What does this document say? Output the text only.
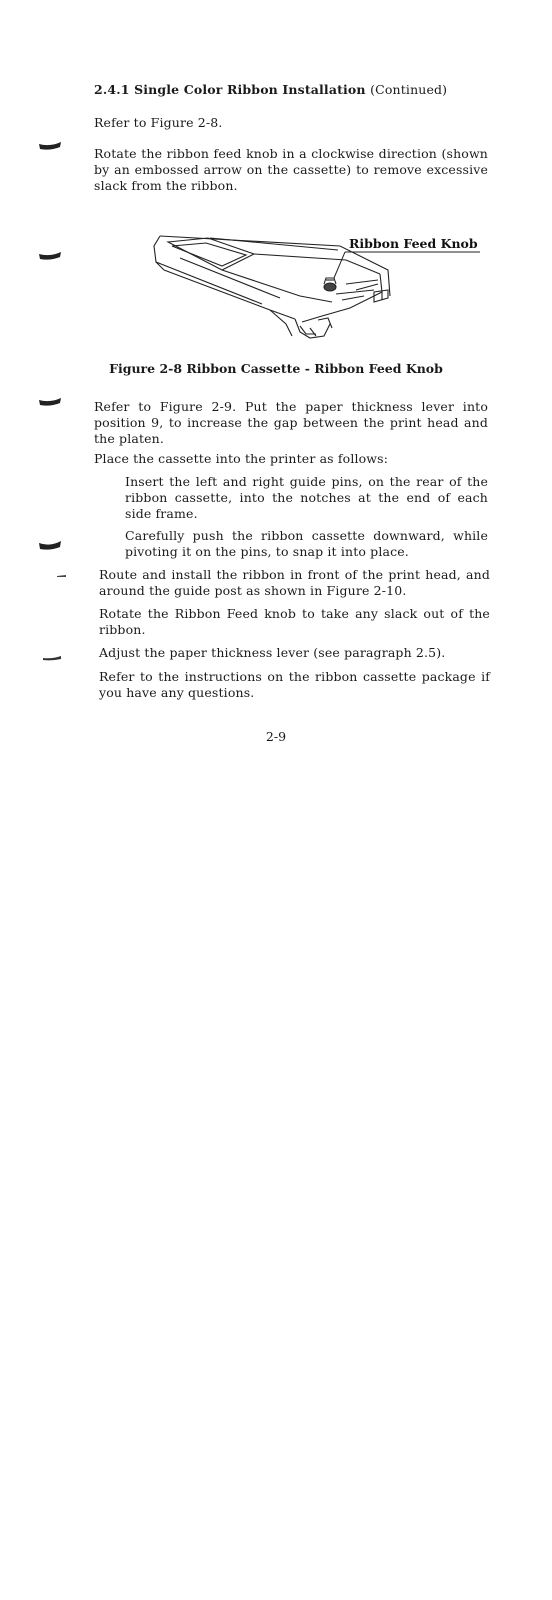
2.4.1 Single Color Ribbon Installation (Continued)
Refer to Figure 2-8.
Rotate the ribbon feed knob in a clockwise direction (shown by an embossed arrow on the cassette) to remove excessive slack from the ribbon.
Ribbon Feed Knob
Figure 2-8 Ribbon Cassette - Ribbon Feed Knob
Refer to Figure 2-9. Put the paper thickness lever into position 9, to increase the gap between the print head and the platen.
Place the cassette into the printer as follows:
Insert the left and right guide pins, on the rear of the ribbon cassette, into the notches at the end of each side frame.
Carefully push the ribbon cassette downward, while pivoting it on the pins, to snap it into place.
Route and install the ribbon in front of the print head, and around the guide post as shown in Figure 2-10.
Rotate the Ribbon Feed knob to take any slack out of the ribbon.
Adjust the paper thickness lever (see paragraph 2.5).
Refer to the instructions on the ribbon cassette package if you have any questions.
2-9
